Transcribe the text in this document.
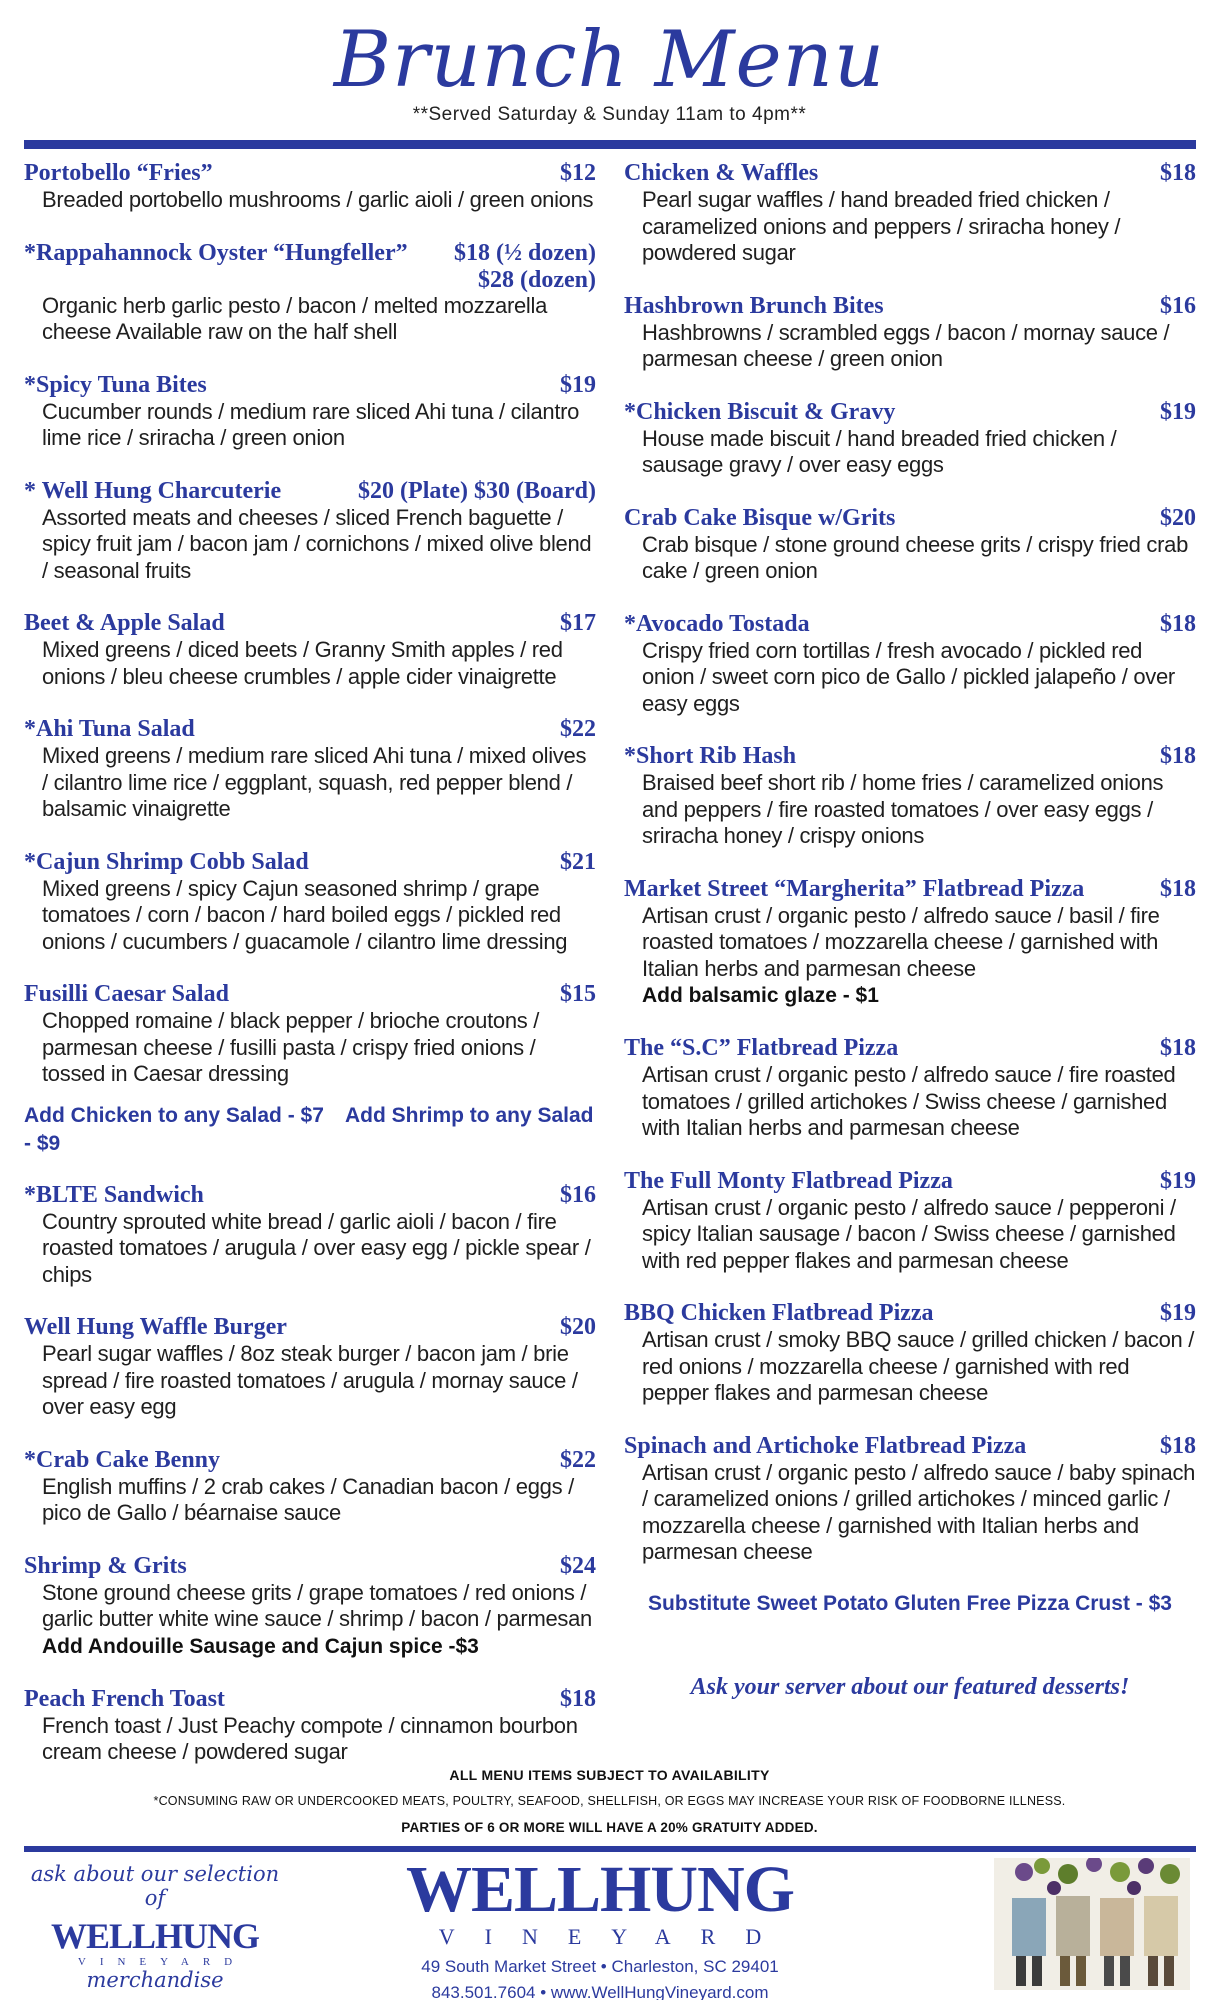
Brunch Menu
**Served Saturday & Sunday 11am to 4pm**
Portobello “Fries”	$12
Breaded portobello mushrooms / garlic aioli / green onions
*Rappahannock Oyster “Hungfeller” $18 (½ dozen)
$28 (dozen)
Organic herb garlic pesto / bacon / melted mozzarella cheese Available raw on the half shell
*Spicy Tuna Bites	$19
Cucumber rounds / medium rare sliced Ahi tuna / cilantro lime rice / sriracha / green onion
* Well Hung Charcuterie	$20 (Plate) $30 (Board)
Assorted meats and cheeses / sliced French baguette / spicy fruit jam / bacon jam / cornichons / mixed olive blend / seasonal fruits
Beet & Apple Salad	$17
Mixed greens / diced beets / Granny Smith apples / red onions / bleu cheese crumbles / apple cider vinaigrette
*Ahi Tuna Salad	$22
Mixed greens / medium rare sliced Ahi tuna / mixed olives / cilantro lime rice / eggplant, squash, red pepper blend / balsamic vinaigrette
*Cajun Shrimp Cobb Salad	$21
Mixed greens / spicy Cajun seasoned shrimp / grape tomatoes / corn / bacon / hard boiled eggs / pickled red onions / cucumbers / guacamole / cilantro lime dressing
Fusilli Caesar Salad	$15
Chopped romaine / black pepper / brioche croutons / parmesan cheese / fusilli pasta / crispy fried onions / tossed in Caesar dressing
Add Chicken to any Salad - $7 Add Shrimp to any Salad - $9
*BLTE Sandwich	$16
Country sprouted white bread / garlic aioli / bacon / fire roasted tomatoes / arugula / over easy egg / pickle spear / chips
Well Hung Waffle Burger	$20
Pearl sugar waffles / 8oz steak burger / bacon jam / brie spread / fire roasted tomatoes / arugula / mornay sauce / over easy egg
*Crab Cake Benny	$22
English muffins / 2 crab cakes / Canadian bacon / eggs / pico de Gallo / béarnaise sauce
Shrimp & Grits	$24
Stone ground cheese grits / grape tomatoes / red onions / garlic butter white wine sauce / shrimp / bacon / parmesan
Add Andouille Sausage and Cajun spice -$3
Peach French Toast	$18
French toast / Just Peachy compote / cinnamon bourbon cream cheese / powdered sugar
Chicken & Waffles	$18
Pearl sugar waffles / hand breaded fried chicken / caramelized onions and peppers / sriracha honey / powdered sugar
Hashbrown Brunch Bites	$16
Hashbrowns / scrambled eggs / bacon / mornay sauce / parmesan cheese / green onion
*Chicken Biscuit & Gravy	$19
House made biscuit / hand breaded fried chicken / sausage gravy / over easy eggs
Crab Cake Bisque w/Grits	$20
Crab bisque / stone ground cheese grits / crispy fried crab cake / green onion
*Avocado Tostada	$18
Crispy fried corn tortillas / fresh avocado / pickled red onion / sweet corn pico de Gallo / pickled jalapeño / over easy eggs
*Short Rib Hash	$18
Braised beef short rib / home fries / caramelized onions and peppers / fire roasted tomatoes / over easy eggs / sriracha honey / crispy onions
Market Street “Margherita” Flatbread Pizza	$18
Artisan crust / organic pesto / alfredo sauce / basil / fire roasted tomatoes / mozzarella cheese / garnished with Italian herbs and parmesan cheese
Add balsamic glaze - $1
The “S.C” Flatbread Pizza	$18
Artisan crust / organic pesto / alfredo sauce / fire roasted tomatoes / grilled artichokes / Swiss cheese / garnished with Italian herbs and parmesan cheese
The Full Monty Flatbread Pizza	$19
Artisan crust / organic pesto / alfredo sauce / pepperoni / spicy Italian sausage / bacon / Swiss cheese / garnished with red pepper flakes and parmesan cheese
BBQ Chicken Flatbread Pizza	$19
Artisan crust / smoky BBQ sauce / grilled chicken / bacon / red onions / mozzarella cheese / garnished with red pepper flakes and parmesan cheese
Spinach and Artichoke Flatbread Pizza	$18
Artisan crust / organic pesto / alfredo sauce / baby spinach / caramelized onions / grilled artichokes / minced garlic / mozzarella cheese / garnished with Italian herbs and parmesan cheese
Substitute Sweet Potato Gluten Free Pizza Crust - $3
Ask your server about our featured desserts!
ALL MENU ITEMS SUBJECT TO AVAILABILITY
*CONSUMING RAW OR UNDERCOOKED MEATS, POULTRY, SEAFOOD, SHELLFISH, OR EGGS MAY INCREASE YOUR RISK OF FOODBORNE ILLNESS.
PARTIES OF 6 OR MORE WILL HAVE A 20% GRATUITY ADDED.
ask about our selection of
WELLHUNG
VINEYARD
merchandise
WELLHUNG
VINEYARD
49 South Market Street • Charleston, SC 29401
843.501.7604 • www.WellHungVineyard.com
